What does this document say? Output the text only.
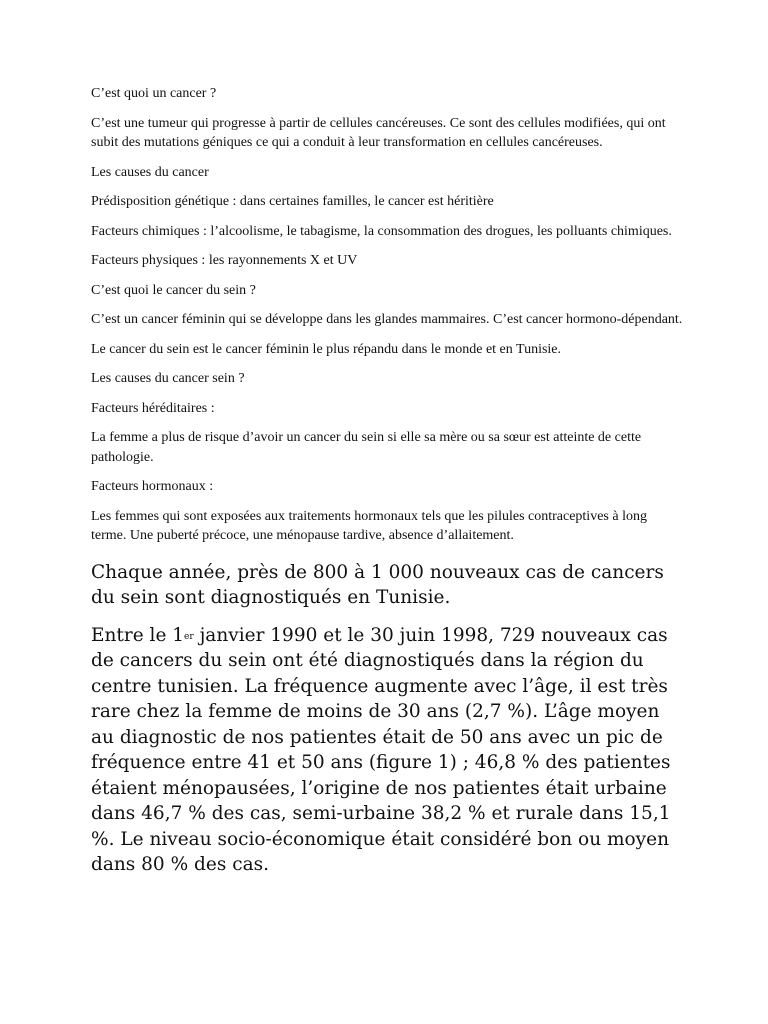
C’est quoi un cancer ?

C’est une tumeur qui progresse à partir de cellules cancéreuses. Ce sont des cellules modifiées, qui ont subit des mutations géniques ce qui a conduit à leur transformation en cellules cancéreuses.

Les causes du cancer

Prédisposition génétique : dans certaines familles, le cancer est héritière

Facteurs chimiques : l’alcoolisme, le tabagisme, la consommation des drogues, les polluants chimiques.

Facteurs physiques : les rayonnements X et UV

C’est quoi le cancer du sein ?

C’est un cancer féminin qui se développe dans les glandes mammaires. C’est cancer hormono-dépendant.

Le cancer du sein est le cancer féminin le plus répandu dans le monde et en Tunisie.

Les causes du cancer sein ?

Facteurs héréditaires :

La femme a plus de risque d’avoir un cancer du sein si elle sa mère ou sa sœur est atteinte de cette pathologie.

Facteurs hormonaux :

Les femmes qui sont exposées aux traitements hormonaux tels que les pilules contraceptives à long terme. Une puberté précoce, une ménopause tardive, absence d’allaitement.

Chaque année, près de 800 à 1 000 nouveaux cas de cancers du sein sont diagnostiqués en Tunisie.

Entre le 1er janvier 1990 et le 30 juin 1998, 729 nouveaux cas de cancers du sein ont été diagnostiqués dans la région du centre tunisien. La fréquence augmente avec l’âge, il est très rare chez la femme de moins de 30 ans (2,7 %). L’âge moyen au diagnostic de nos patientes était de 50 ans avec un pic de fréquence entre 41 et 50 ans (figure 1) ; 46,8 % des patientes étaient ménopausées, l’origine de nos patientes était urbaine dans 46,7 % des cas, semi-urbaine 38,2 % et rurale dans 15,1 %. Le niveau socio-économique était considéré bon ou moyen dans 80 % des cas.
